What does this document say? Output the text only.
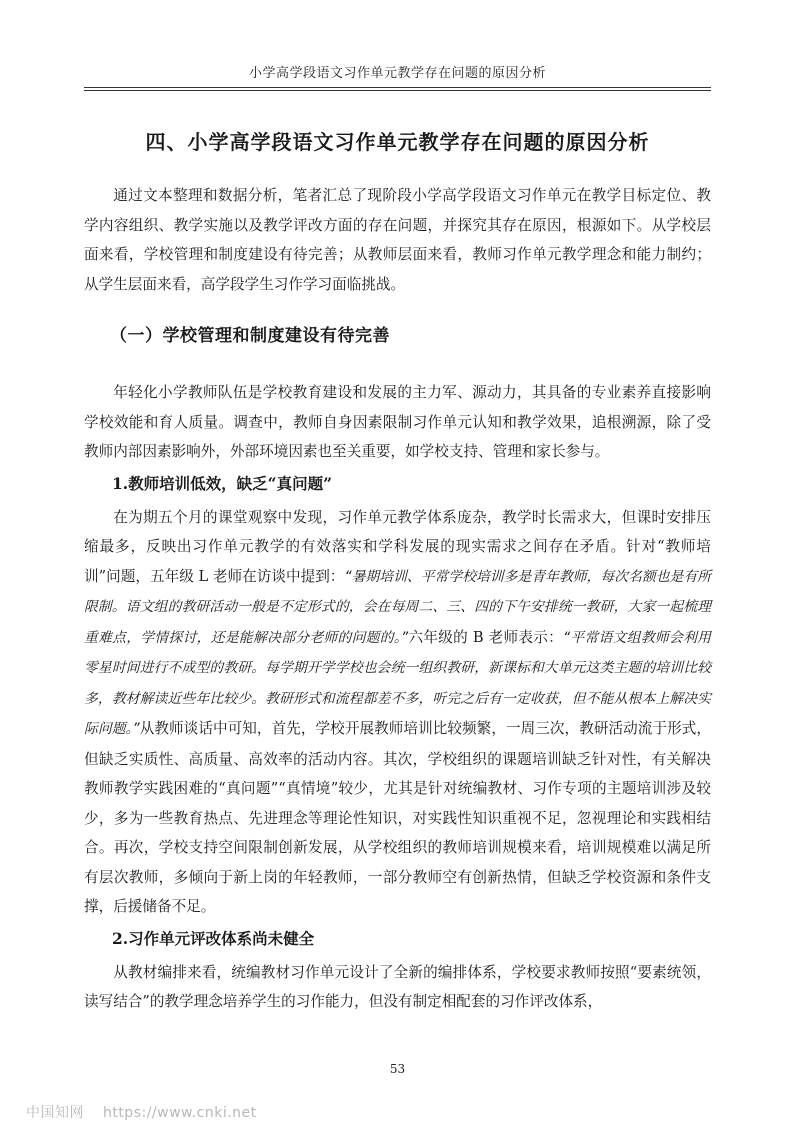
小学高学段语文习作单元教学存在问题的原因分析
四、小学高学段语文习作单元教学存在问题的原因分析

通过文本整理和数据分析，笔者汇总了现阶段小学高学段语文习作单元在教学目标定位、教学内容组织、教学实施以及教学评改方面的存在问题，并探究其存在原因，根源如下。从学校层面来看，学校管理和制度建设有待完善；从教师层面来看，教师习作单元教学理念和能力制约；从学生层面来看，高学段学生习作学习面临挑战。

（一）学校管理和制度建设有待完善

年轻化小学教师队伍是学校教育建设和发展的主力军、源动力，其具备的专业素养直接影响学校效能和育人质量。调查中，教师自身因素限制习作单元认知和教学效果，追根溯源，除了受教师内部因素影响外，外部环境因素也至关重要，如学校支持、管理和家长参与。

1.教师培训低效，缺乏“真问题”

在为期五个月的课堂观察中发现，习作单元教学体系庞杂，教学时长需求大，但课时安排压缩最多，反映出习作单元教学的有效落实和学科发展的现实需求之间存在矛盾。针对“教师培训”问题，五年级 L 老师在访谈中提到：“暑期培训、平常学校培训多是青年教师，每次名额也是有所限制。语文组的教研活动一般是不定形式的，会在每周二、三、四的下午安排统一教研，大家一起梳理重难点，学情探讨，还是能解决部分老师的问题的。”六年级的 B 老师表示：“平常语文组教师会利用零星时间进行不成型的教研。每学期开学学校也会统一组织教研，新课标和大单元这类主题的培训比较多，教材解读近些年比较少。教研形式和流程都差不多，听完之后有一定收获，但不能从根本上解决实际问题。”从教师谈话中可知，首先，学校开展教师培训比较频繁，一周三次，教研活动流于形式，但缺乏实质性、高质量、高效率的活动内容。其次，学校组织的课题培训缺乏针对性，有关解决教师教学实践困难的“真问题”“真情境”较少，尤其是针对统编教材、习作专项的主题培训涉及较少，多为一些教育热点、先进理念等理论性知识，对实践性知识重视不足，忽视理论和实践相结合。再次，学校支持空间限制创新发展，从学校组织的教师培训规模来看，培训规模难以满足所有层次教师，多倾向于新上岗的年轻教师，一部分教师空有创新热情，但缺乏学校资源和条件支撑，后援储备不足。

2.习作单元评改体系尚未健全

从教材编排来看，统编教材习作单元设计了全新的编排体系，学校要求教师按照“要素统领，读写结合”的教学理念培养学生的习作能力，但没有制定相配套的习作评改体系，

53
中国知网 https://www.cnki.net
